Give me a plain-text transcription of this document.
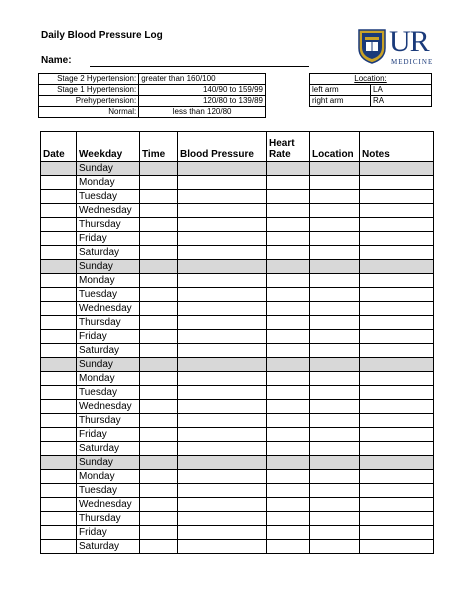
Daily Blood Pressure Log
Name:
UR
MEDICINE
Stage 2 Hypertension:	greater than 160/100
Stage 1 Hypertension:	140/90 to 159/99
Prehypertension:	120/80 to 139/89
Normal:	less than 120/80
Location:	
left arm	LA
right arm	RA
Date	Weekday	Time	Blood Pressure	Heart Rate	Location	Notes
	Sunday					
	Monday					
	Tuesday					
	Wednesday					
	Thursday					
	Friday					
	Saturday					
	Sunday					
	Monday					
	Tuesday					
	Wednesday					
	Thursday					
	Friday					
	Saturday					
	Sunday					
	Monday					
	Tuesday					
	Wednesday					
	Thursday					
	Friday					
	Saturday					
	Sunday					
	Monday					
	Tuesday					
	Wednesday					
	Thursday					
	Friday					
	Saturday					
